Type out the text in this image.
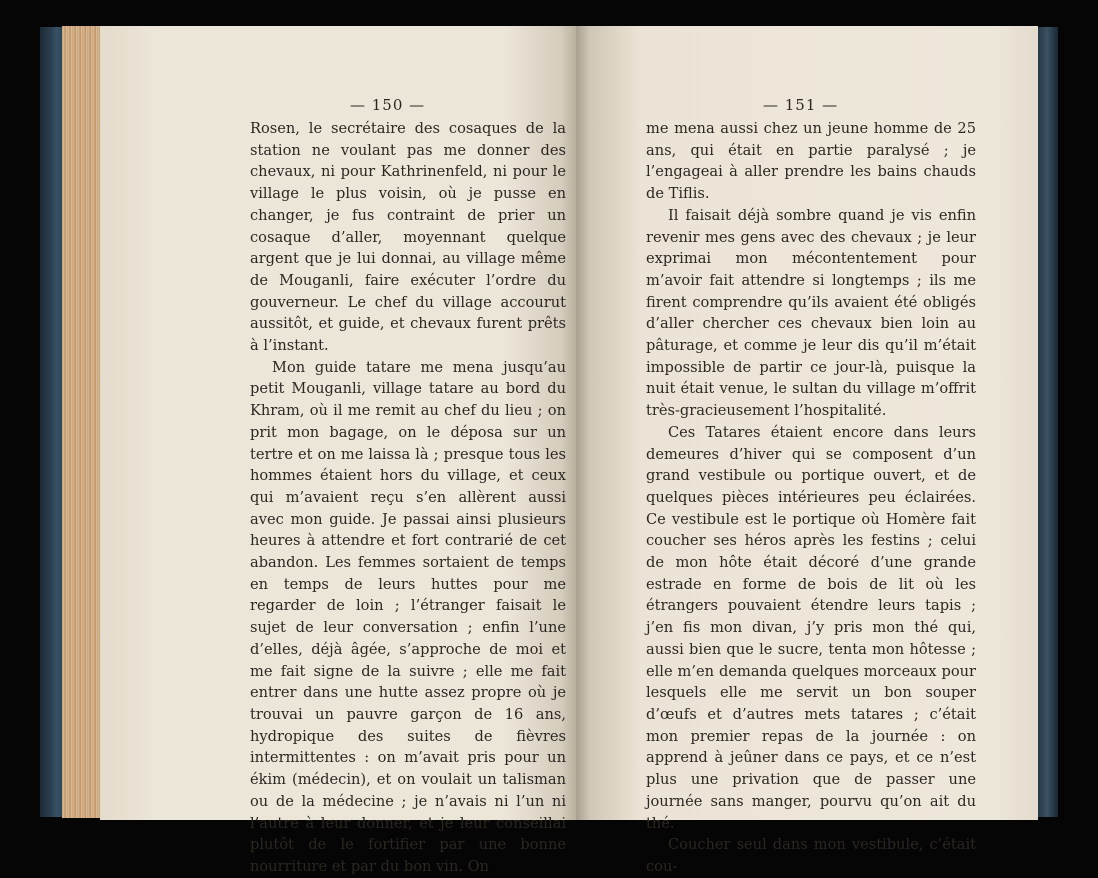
— 150 —

Rosen, le secrétaire des cosaques de la station ne voulant pas me donner des chevaux, ni pour Kathrinenfeld, ni pour le village le plus voisin, où je pusse en changer, je fus contraint de prier un cosaque d’aller, moyennant quelque argent que je lui donnai, au village même de Mouganli, faire exécuter l’ordre du gouverneur. Le chef du village accourut aussitôt, et guide, et chevaux furent prêts à l’instant.

Mon guide tatare me mena jusqu’au petit Mouganli, village tatare au bord du Khram, où il me remit au chef du lieu ; on prit mon bagage, on le déposa sur un tertre et on me laissa là ; presque tous les hommes étaient hors du village, et ceux qui m’avaient reçu s’en allèrent aussi avec mon guide. Je passai ainsi plusieurs heures à attendre et fort contrarié de cet abandon. Les femmes sortaient de temps en temps de leurs huttes pour me regarder de loin ; l’étranger faisait le sujet de leur conversation ; enfin l’une d’elles, déjà âgée, s’approche de moi et me fait signe de la suivre ; elle me fait entrer dans une hutte assez propre où je trouvai un pauvre garçon de 16 ans, hydropique des suites de fièvres intermittentes : on m’avait pris pour un ékim (médecin), et on voulait un talisman ou de la médecine ; je n’avais ni l’un ni l’autre à leur donner, et je leur conseillai plutôt de le fortifier par une bonne nourriture et par du bon vin. On

— 151 —

me mena aussi chez un jeune homme de 25 ans, qui était en partie paralysé ; je l’engageai à aller prendre les bains chauds de Tiflis.

Il faisait déjà sombre quand je vis enfin revenir mes gens avec des chevaux ; je leur exprimai mon mécontentement pour m’avoir fait attendre si longtemps ; ils me firent comprendre qu’ils avaient été obligés d’aller chercher ces chevaux bien loin au pâturage, et comme je leur dis qu’il m’était impossible de partir ce jour-là, puisque la nuit était venue, le sultan du village m’offrit très-gracieusement l’hospitalité.

Ces Tatares étaient encore dans leurs demeures d’hiver qui se composent d’un grand vestibule ou portique ouvert, et de quelques pièces intérieures peu éclairées. Ce vestibule est le portique où Homère fait coucher ses héros après les festins ; celui de mon hôte était décoré d’une grande estrade en forme de bois de lit où les étrangers pouvaient étendre leurs tapis ; j’en fis mon divan, j’y pris mon thé qui, aussi bien que le sucre, tenta mon hôtesse ; elle m’en demanda quelques morceaux pour lesquels elle me servit un bon souper d’œufs et d’autres mets tatares ; c’était mon premier repas de la journée : on apprend à jeûner dans ce pays, et ce n’est plus une privation que de passer une journée sans manger, pourvu qu’on ait du thé.

Coucher seul dans mon vestibule, c’était cou-
